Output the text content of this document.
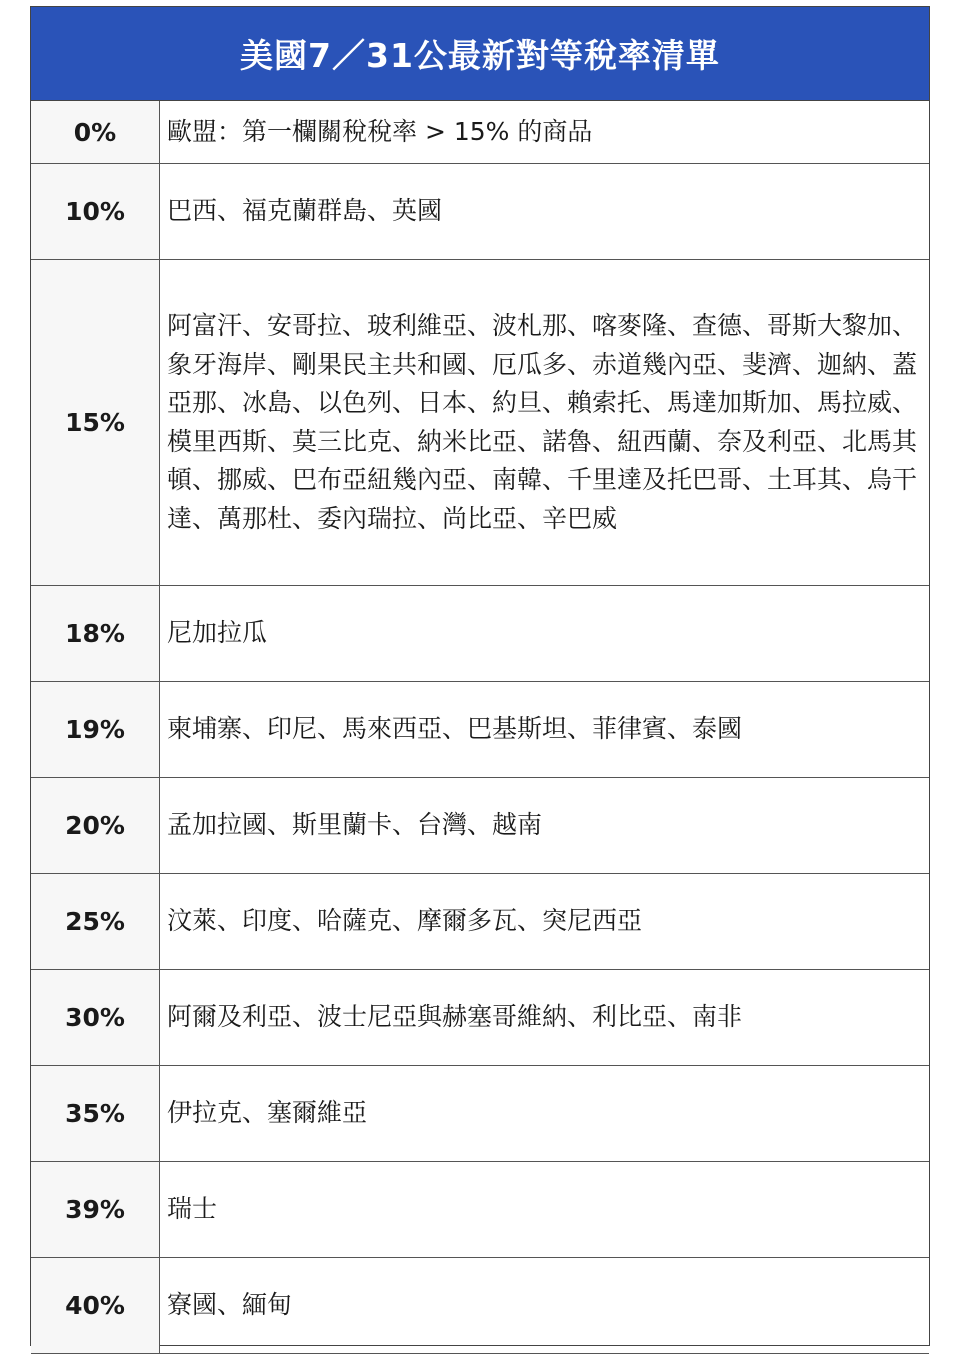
美國7／31公最新對等稅率清單
0%	歐盟：第一欄關稅稅率 > 15% 的商品
10%	巴西、福克蘭群島、英國
15%	阿富汗、安哥拉、玻利維亞、波札那、喀麥隆、查德、哥斯大黎加、象牙海岸、剛果民主共和國、厄瓜多、赤道幾內亞、斐濟、迦納、蓋亞那、冰島、以色列、日本、約旦、賴索托、馬達加斯加、馬拉威、模里西斯、莫三比克、納米比亞、諾魯、紐西蘭、奈及利亞、北馬其頓、挪威、巴布亞紐幾內亞、南韓、千里達及托巴哥、土耳其、烏干達、萬那杜、委內瑞拉、尚比亞、辛巴威
18%	尼加拉瓜
19%	柬埔寨、印尼、馬來西亞、巴基斯坦、菲律賓、泰國
20%	孟加拉國、斯里蘭卡、台灣、越南
25%	汶萊、印度、哈薩克、摩爾多瓦、突尼西亞
30%	阿爾及利亞、波士尼亞與赫塞哥維納、利比亞、南非
35%	伊拉克、塞爾維亞
39%	瑞士
40%	寮國、緬甸
